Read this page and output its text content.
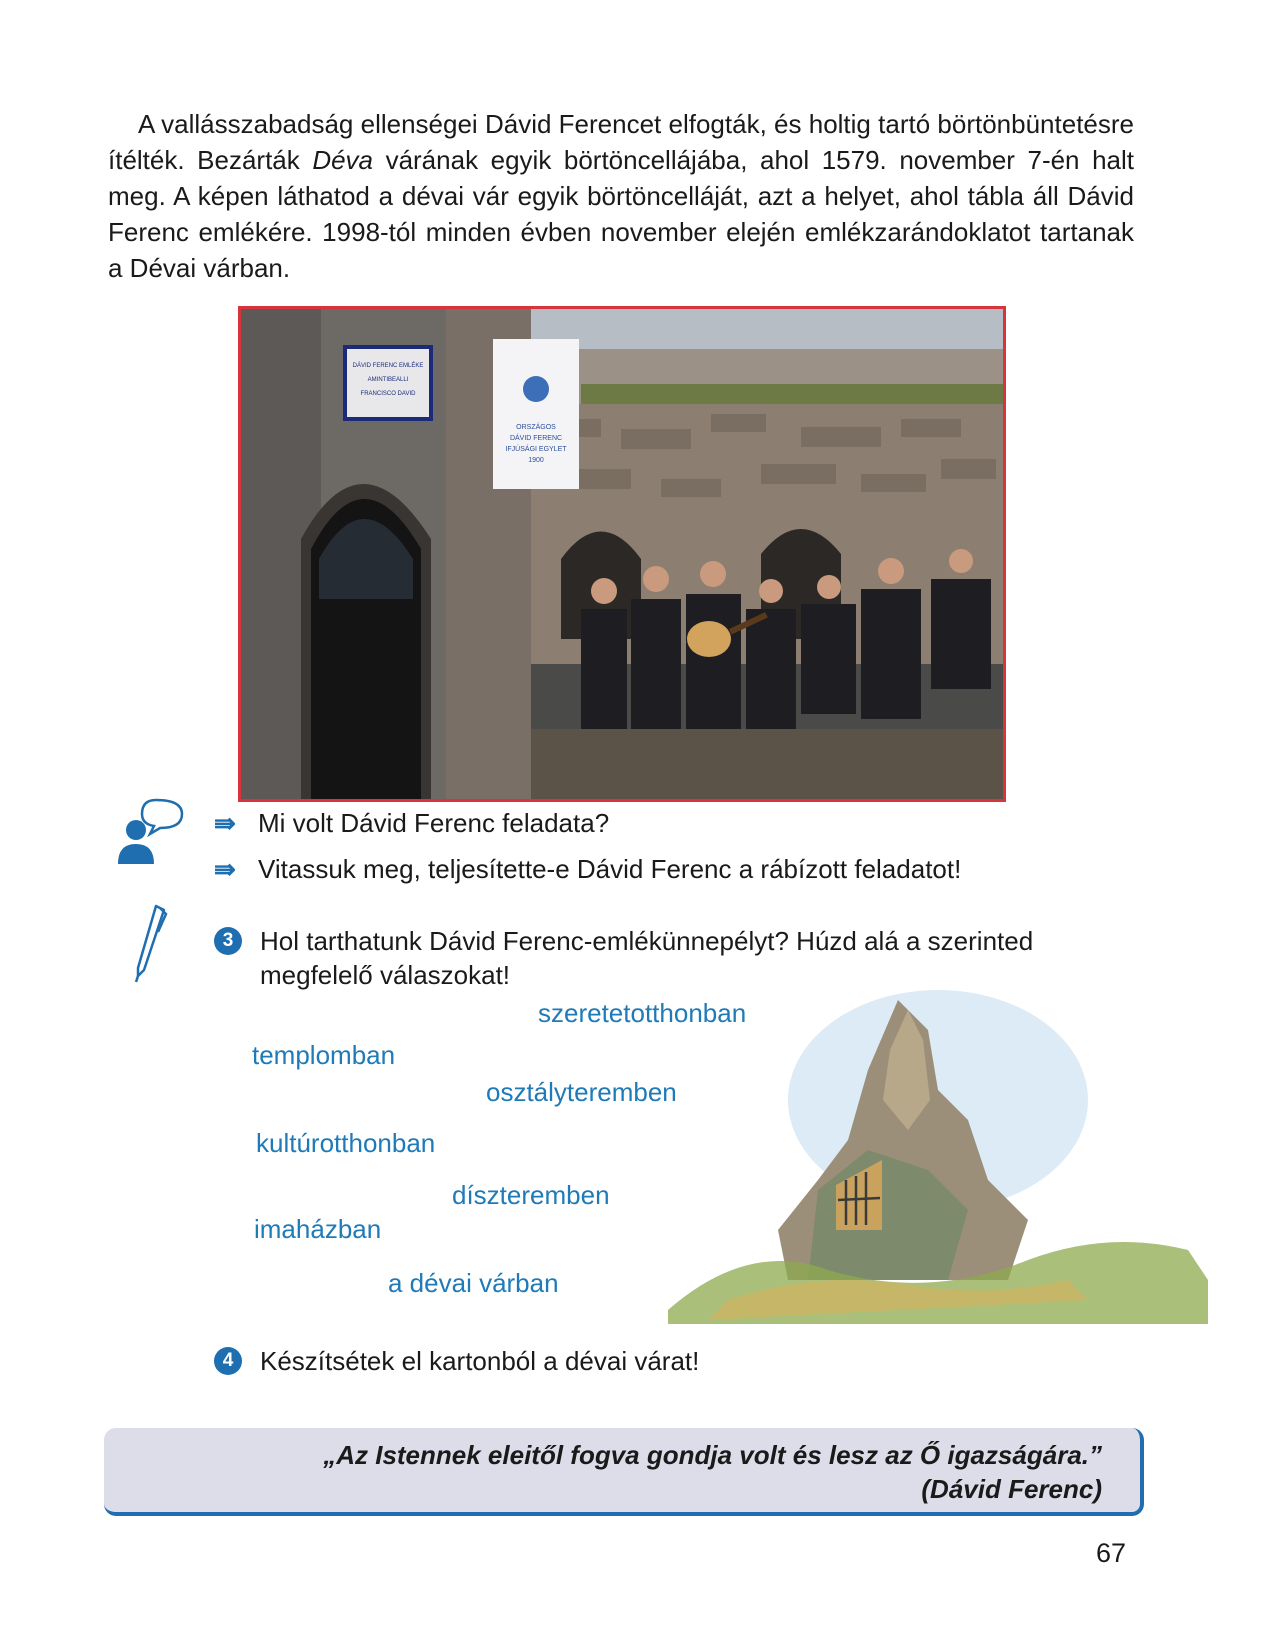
A vallásszabadság ellenségei Dávid Ferencet elfogták, és holtig tartó börtönbüntetésre ítélték. Bezárták Déva várának egyik börtöncellájába, ahol 1579. november 7-én halt meg. A képen láthatod a dévai vár egyik börtöncelláját, azt a helyet, ahol tábla áll Dávid Ferenc emlékére. 1998-tól minden évben november elején emlékzarándoklatot tartanak a Dévai várban.

DÁVID FERENC EMLÉKE
AMINTIBEALLI
FRANCISCO DAVID
ORSZÁGOS
DÁVID FERENC
IFJÚSÁGI EGYLET
1900
⇛ Mi volt Dávid Ferenc feladata?
⇛ Vitassuk meg, teljesítette-e Dávid Ferenc a rábízott feladatot!
3	Hol tarthatunk Dávid Ferenc-emlékünnepélyt? Húzd alá a szerinted
megfelelő válaszokat!
szeretetotthonban
templomban
osztályteremben
kultúrotthonban
díszteremben
imaházban
a dévai várban
4	Készítsétek el kartonból a dévai várat!
„Az Istennek eleitől fogva gondja volt és lesz az Ő igazságára.”
(Dávid Ferenc)
67
